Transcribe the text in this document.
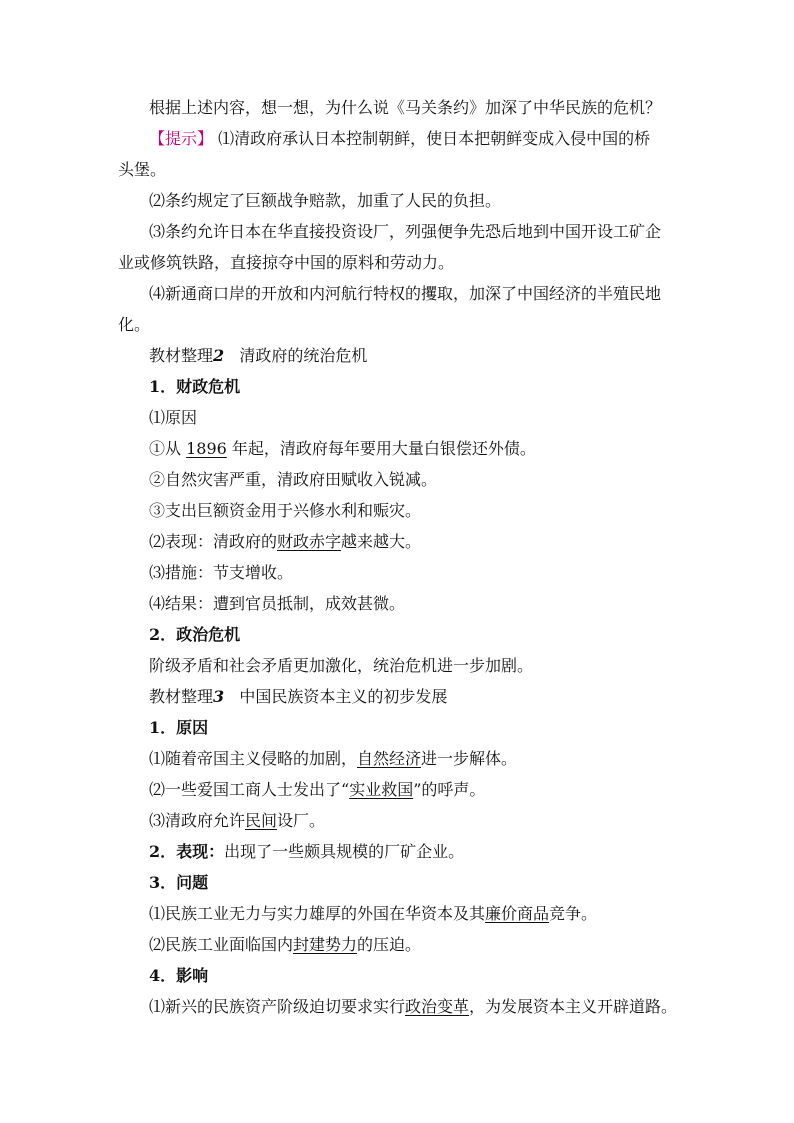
根据上述内容，想一想，为什么说《马关条约》加深了中华民族的危机？
【提示】 ⑴清政府承认日本控制朝鲜，使日本把朝鲜变成入侵中国的桥
头堡。
⑵条约规定了巨额战争赔款，加重了人民的负担。
⑶条约允许日本在华直接投资设厂，列强便争先恐后地到中国开设工矿企
业或修筑铁路，直接掠夺中国的原料和劳动力。
⑷新通商口岸的开放和内河航行特权的攫取，加深了中国经济的半殖民地
化。
教材整理2 清政府的统治危机
1．财政危机
⑴原因
①从 1896 年起，清政府每年要用大量白银偿还外债。
②自然灾害严重，清政府田赋收入锐减。
③支出巨额资金用于兴修水利和赈灾。
⑵表现：清政府的财政赤字越来越大。
⑶措施：节支增收。
⑷结果：遭到官员抵制，成效甚微。
2．政治危机
阶级矛盾和社会矛盾更加激化，统治危机进一步加剧。
教材整理3 中国民族资本主义的初步发展
1．原因
⑴随着帝国主义侵略的加剧，自然经济进一步解体。
⑵一些爱国工商人士发出了“实业救国”的呼声。
⑶清政府允许民间设厂。
2．表现：出现了一些颇具规模的厂矿企业。
3．问题
⑴民族工业无力与实力雄厚的外国在华资本及其廉价商品竞争。
⑵民族工业面临国内封建势力的压迫。
4．影响
⑴新兴的民族资产阶级迫切要求实行政治变革，为发展资本主义开辟道路。
